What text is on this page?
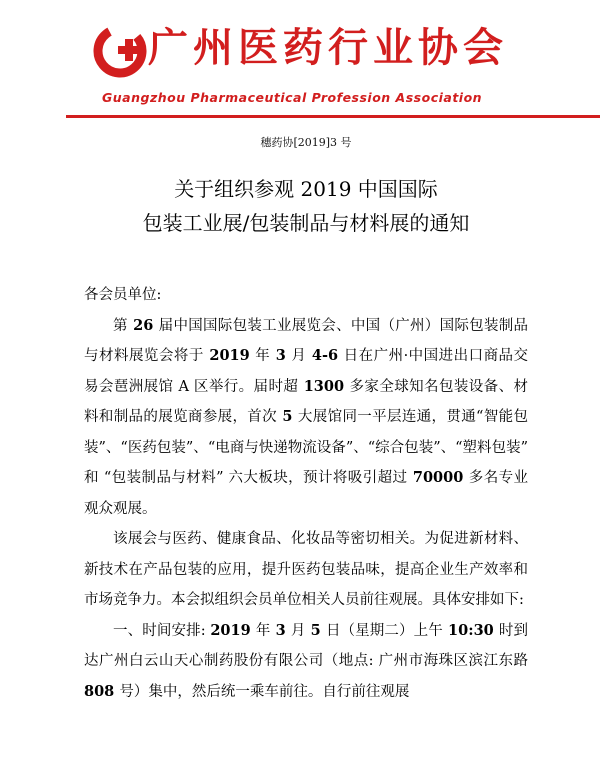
广州医药行业协会
Guangzhou Pharmaceutical Profession Association
穗药协[2019]3 号
关于组织参观 2019 中国国际
包装工业展/包装制品与材料展的通知

各会员单位:

第 26 届中国国际包装工业展览会、中国（广州）国际包装制品与材料展览会将于 2019 年 3 月 4-6 日在广州·中国进出口商品交易会琶洲展馆 A 区举行。届时超 1300 多家全球知名包装设备、材料和制品的展览商参展，首次 5 大展馆同一平层连通，贯通“智能包装”、“医药包装”、“电商与快递物流设备”、“综合包装”、“塑料包装” 和 “包装制品与材料” 六大板块，预计将吸引超过 70000 多名专业观众观展。

该展会与医药、健康食品、化妆品等密切相关。为促进新材料、新技术在产品包装的应用，提升医药包装品味，提高企业生产效率和市场竞争力。本会拟组织会员单位相关人员前往观展。具体安排如下:

一、时间安排: 2019 年 3 月 5 日（星期二）上午 10:30 时到达广州白云山天心制药股份有限公司（地点: 广州市海珠区滨江东路 808 号）集中，然后统一乘车前往。自行前往观展
